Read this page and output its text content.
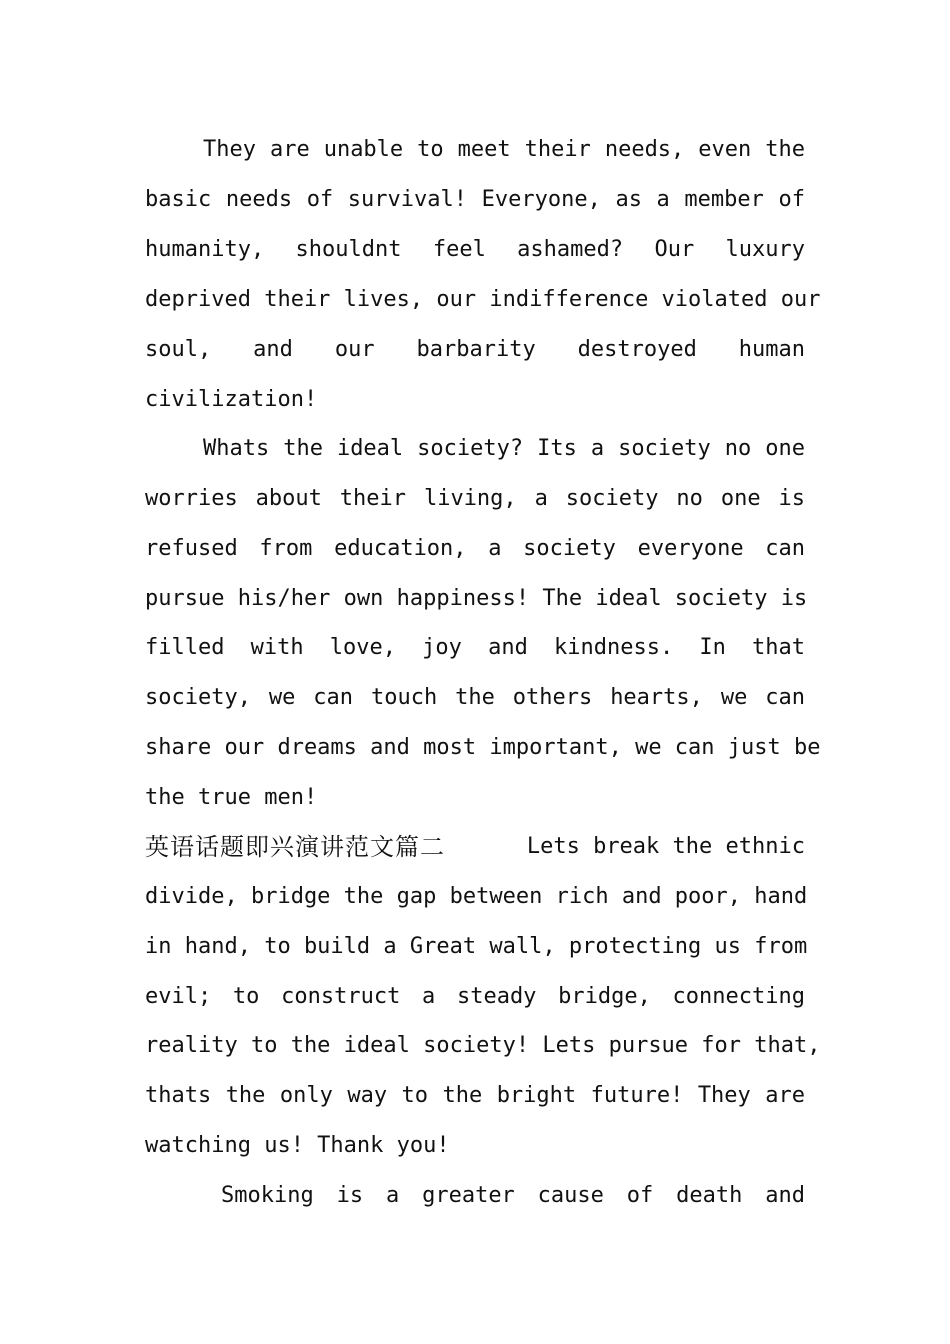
They are unable to meet their needs, even the
basic needs of survival! Everyone, as a member of
humanity, shouldnt feel ashamed? Our luxury
deprived their lives, our indifference violated our
soul, and our barbarity destroyed human
civilization!
Whats the ideal society? Its a society no one
worries about their living, a society no one is
refused from education, a society everyone can
pursue his/her own happiness! The ideal society is
filled with love, joy and kindness. In that
society, we can touch the others hearts, we can
share our dreams and most important, we can just be
the true men!
英语话题即兴演讲范文篇二	Lets break the ethnic
divide, bridge the gap between rich and poor, hand
in hand, to build a Great wall, protecting us from
evil; to construct a steady bridge, connecting
reality to the ideal society! Lets pursue for that,
thats the only way to the bright future! They are
watching us! Thank you!
Smoking is a greater cause of death and
